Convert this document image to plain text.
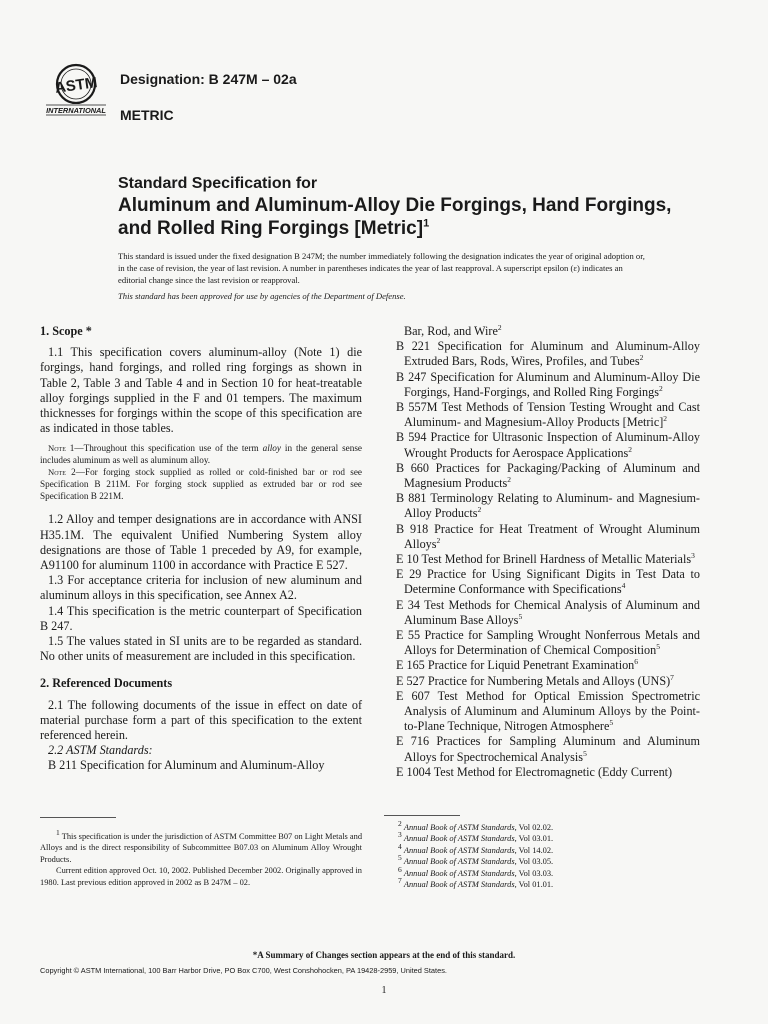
ASTM
INTERNATIONAL
Designation: B 247M – 02a
METRIC
Standard Specification for
Aluminum and Aluminum-Alloy Die Forgings, Hand Forgings, and Rolled Ring Forgings [Metric]$^1$
This standard is issued under the fixed designation B 247M; the number immediately following the designation indicates the year of original adoption or, in the case of revision, the year of last revision. A number in parentheses indicates the year of last reapproval. A superscript epsilon (ε) indicates an editorial change since the last revision or reapproval.
This standard has been approved for use by agencies of the Department of Defense.

1. Scope *

1.1 This specification covers aluminum-alloy (Note 1) die forgings, hand forgings, and rolled ring forgings as shown in Table 2, Table 3 and Table 4 and in Section 10 for heat-treatable alloy forgings supplied in the F and 01 tempers. The maximum thicknesses for forgings within the scope of this specification are as indicated in those tables.

Note 1—Throughout this specification use of the term alloy in the general sense includes aluminum as well as aluminum alloy.

Note 2—For forging stock supplied as rolled or cold-finished bar or rod see Specification B 211M. For forging stock supplied as extruded bar or rod see Specification B 221M.

1.2 Alloy and temper designations are in accordance with ANSI H35.1M. The equivalent Unified Numbering System alloy designations are those of Table 1 preceded by A9, for example, A91100 for aluminum 1100 in accordance with Practice E 527.

1.3 For acceptance criteria for inclusion of new aluminum and aluminum alloys in this specification, see Annex A2.

1.4 This specification is the metric counterpart of Specification B 247.

1.5 The values stated in SI units are to be regarded as standard. No other units of measurement are included in this specification.

2. Referenced Documents

2.1 The following documents of the issue in effect on date of material purchase form a part of this specification to the extent referenced herein.

2.2 ASTM Standards:

B 211 Specification for Aluminum and Aluminum-Alloy

Bar, Rod, and Wire$^2$

B 221 Specification for Aluminum and Aluminum-Alloy Extruded Bars, Rods, Wires, Profiles, and Tubes$^2$

B 247 Specification for Aluminum and Aluminum-Alloy Die Forgings, Hand-Forgings, and Rolled Ring Forgings$^2$

B 557M Test Methods of Tension Testing Wrought and Cast Aluminum- and Magnesium-Alloy Products [Metric]$^2$

B 594 Practice for Ultrasonic Inspection of Aluminum-Alloy Wrought Products for Aerospace Applications$^2$

B 660 Practices for Packaging/Packing of Aluminum and Magnesium Products$^2$

B 881 Terminology Relating to Aluminum- and Magnesium-Alloy Products$^2$

B 918 Practice for Heat Treatment of Wrought Aluminum Alloys$^2$

E 10 Test Method for Brinell Hardness of Metallic Materials$^3$

E 29 Practice for Using Significant Digits in Test Data to Determine Conformance with Specifications$^4$

E 34 Test Methods for Chemical Analysis of Aluminum and Aluminum Base Alloys$^5$

E 55 Practice for Sampling Wrought Nonferrous Metals and Alloys for Determination of Chemical Composition$^5$

E 165 Practice for Liquid Penetrant Examination$^6$

E 527 Practice for Numbering Metals and Alloys (UNS)$^7$

E 607 Test Method for Optical Emission Spectrometric Analysis of Aluminum and Aluminum Alloys by the Point-to-Plane Technique, Nitrogen Atmosphere$^5$

E 716 Practices for Sampling Aluminum and Aluminum Alloys for Spectrochemical Analysis$^5$

E 1004 Test Method for Electromagnetic (Eddy Current)

$^1$ This specification is under the jurisdiction of ASTM Committee B07 on Light Metals and Alloys and is the direct responsibility of Subcommittee B07.03 on Aluminum Alloy Wrought Products.

Current edition approved Oct. 10, 2002. Published December 2002. Originally approved in 1980. Last previous edition approved in 2002 as B 247M – 02.

$^2$ Annual Book of ASTM Standards, Vol 02.02.

$^3$ Annual Book of ASTM Standards, Vol 03.01.

$^4$ Annual Book of ASTM Standards, Vol 14.02.

$^5$ Annual Book of ASTM Standards, Vol 03.05.

$^6$ Annual Book of ASTM Standards, Vol 03.03.

$^7$ Annual Book of ASTM Standards, Vol 01.01.

*A Summary of Changes section appears at the end of this standard.
Copyright © ASTM International, 100 Barr Harbor Drive, PO Box C700, West Conshohocken, PA 19428-2959, United States.
1
